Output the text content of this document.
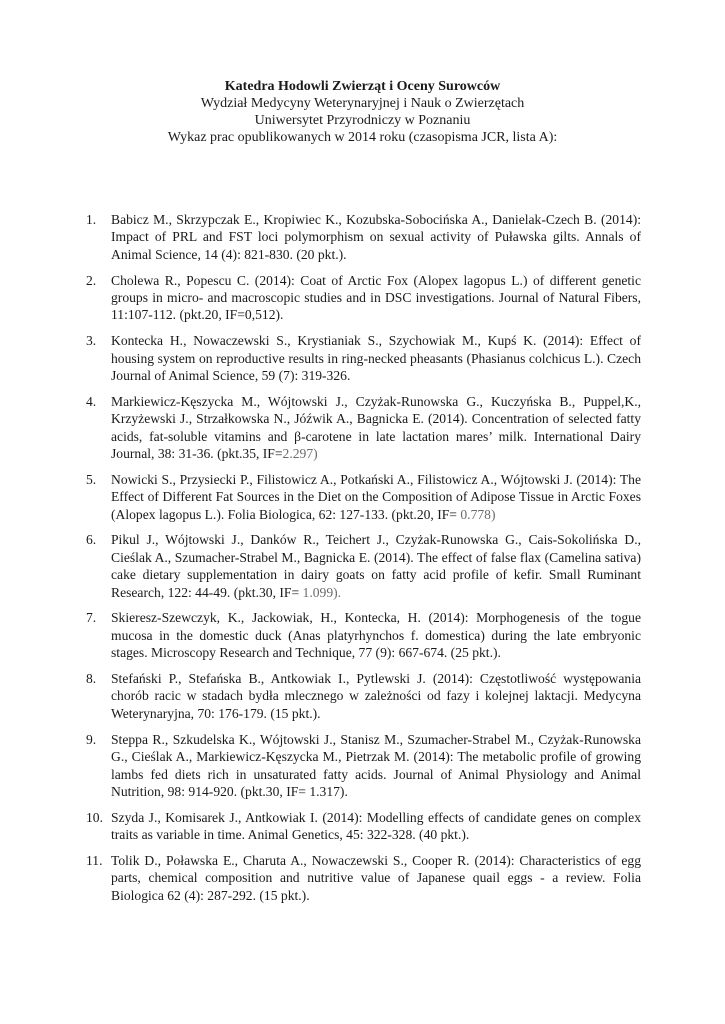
Katedra Hodowli Zwierząt i Oceny Surowców
Wydział Medycyny Weterynaryjnej i Nauk o Zwierzętach
Uniwersytet Przyrodniczy w Poznaniu
Wykaz prac opublikowanych w 2014 roku (czasopisma JCR, lista A):
1.	Babicz M., Skrzypczak E., Kropiwiec K., Kozubska-Sobocińska A., Danielak-Czech B. (2014): Impact of PRL and FST loci polymorphism on sexual activity of Puławska gilts. Annals of Animal Science, 14 (4): 821-830. (20 pkt.).
2.	Cholewa R., Popescu C. (2014): Coat of Arctic Fox (Alopex lagopus L.) of different genetic groups in micro- and macroscopic studies and in DSC investigations. Journal of Natural Fibers, 11:107-112. (pkt.20, IF=0,512).
3.	Kontecka H., Nowaczewski S., Krystianiak S., Szychowiak M., Kupś K. (2014): Effect of housing system on reproductive results in ring-necked pheasants (Phasianus colchicus L.). Czech Journal of Animal Science, 59 (7): 319-326.
4.	Markiewicz-Kęszycka M., Wójtowski J., Czyżak-Runowska G., Kuczyńska B., Puppel,K., Krzyżewski J., Strzałkowska N., Jóźwik A., Bagnicka E. (2014). Concentration of selected fatty acids, fat-soluble vitamins and β-carotene in late lactation mares’ milk. International Dairy Journal, 38: 31-36. (pkt.35, IF=2.297)
5.	Nowicki S., Przysiecki P., Filistowicz A., Potkański A., Filistowicz A., Wójtowski J. (2014): The Effect of Different Fat Sources in the Diet on the Composition of Adipose Tissue in Arctic Foxes (Alopex lagopus L.). Folia Biologica, 62: 127-133. (pkt.20, IF= 0.778)
6.	Pikul J., Wójtowski J., Danków R., Teichert J., Czyżak-Runowska G., Cais-Sokolińska D., Cieślak A., Szumacher-Strabel M., Bagnicka E. (2014). The effect of false flax (Camelina sativa) cake dietary supplementation in dairy goats on fatty acid profile of kefir. Small Ruminant Research, 122: 44-49. (pkt.30, IF= 1.099).
7.	Skieresz-Szewczyk, K., Jackowiak, H., Kontecka, H. (2014): Morphogenesis of the togue mucosa in the domestic duck (Anas platyrhynchos f. domestica) during the late embryonic stages. Microscopy Research and Technique, 77 (9): 667-674. (25 pkt.).
8.	Stefański P., Stefańska B., Antkowiak I., Pytlewski J. (2014): Częstotliwość występowania chorób racic w stadach bydła mlecznego w zależności od fazy i kolejnej laktacji. Medycyna Weterynaryjna, 70: 176-179. (15 pkt.).
9.	Steppa R., Szkudelska K., Wójtowski J., Stanisz M., Szumacher-Strabel M., Czyżak-Runowska G., Cieślak A., Markiewicz-Kęszycka M., Pietrzak M. (2014): The metabolic profile of growing lambs fed diets rich in unsaturated fatty acids. Journal of Animal Physiology and Animal Nutrition, 98: 914-920. (pkt.30, IF= 1.317).
10. Szyda J., Komisarek J., Antkowiak I. (2014): Modelling effects of candidate genes on complex traits as variable in time. Animal Genetics, 45: 322-328. (40 pkt.).
11. Tolik D., Poławska E., Charuta A., Nowaczewski S., Cooper R. (2014): Characteristics of egg parts, chemical composition and nutritive value of Japanese quail eggs - a review. Folia Biologica 62 (4): 287-292. (15 pkt.).
